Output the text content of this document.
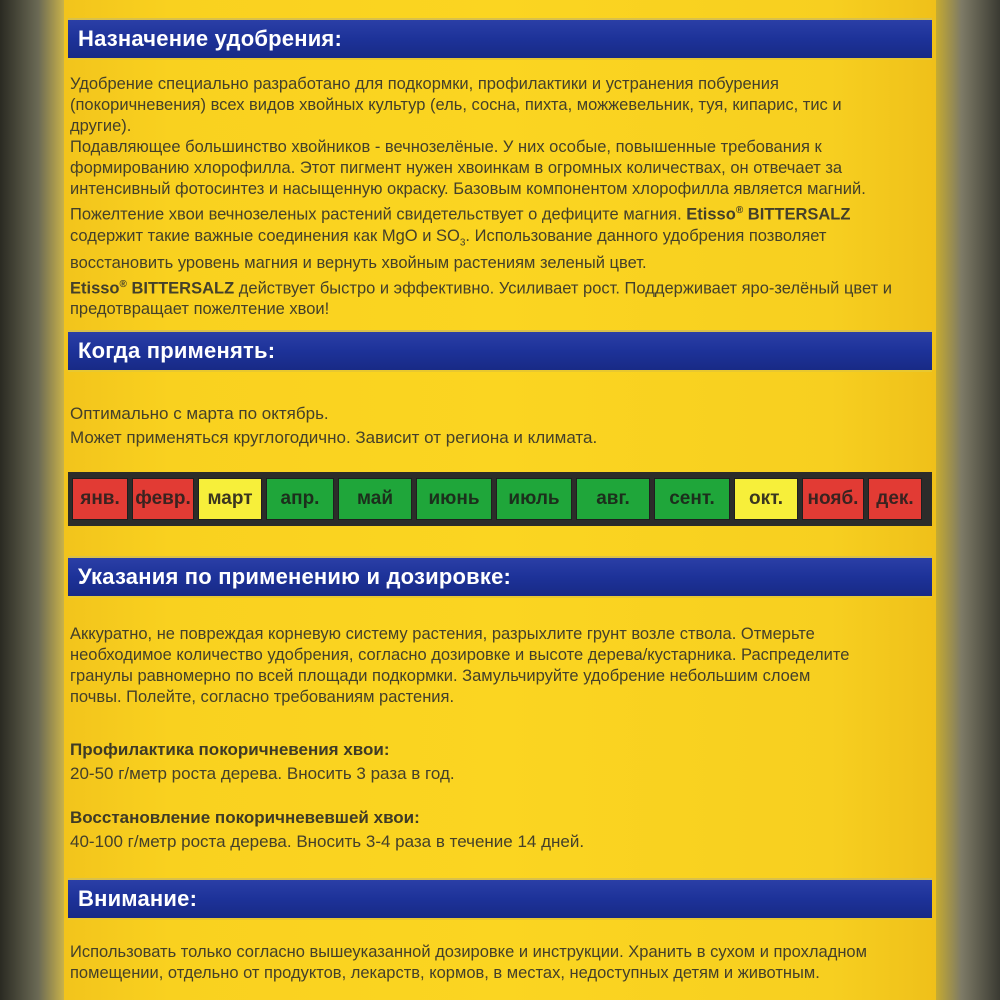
Назначение удобрения:
Удобрение специально разработано для подкормки, профилактики и устранения побурения
(покоричневения) всех видов хвойных культур (ель, сосна, пихта, можжевельник, туя, кипарис, тис и
другие).
Подавляющее большинство хвойников - вечнозелёные. У них особые, повышенные требования к
формированию хлорофилла. Этот пигмент нужен хвоинкам в огромных количествах, он отвечает за
интенсивный фотосинтез и насыщенную окраску. Базовым компонентом хлорофилла является магний.
Пожелтение хвои вечнозеленых растений свидетельствует о дефиците магния. Etisso® BITTERSALZ
содержит такие важные соединения как MgO и $SO_3$. Использование данного удобрения позволяет
восстановить уровень магния и вернуть хвойным растениям зеленый цвет.
Etisso® BITTERSALZ действует быстро и эффективно. Усиливает рост. Поддерживает яро-зелёный цвет и
предотвращает пожелтение хвои!
Когда применять:
Оптимально с марта по октябрь.
Может применяться круглогодично. Зависит от региона и климата.
янв. февр. март	апр.	май	июнь	июль	авг.	сент.	окт.	нояб. дек.
Указания по применению и дозировке:
Аккуратно, не повреждая корневую систему растения, разрыхлите грунт возле ствола. Отмерьте
необходимое количество удобрения, согласно дозировке и высоте дерева/кустарника. Распределите
гранулы равномерно по всей площади подкормки. Замульчируйте удобрение небольшим слоем
почвы. Полейте, согласно требованиям растения.
Профилактика покоричневения хвои:
20-50 г/метр роста дерева. Вносить 3 раза в год.
Восстановление покоричневевшей хвои:
40-100 г/метр роста дерева. Вносить 3-4 раза в течение 14 дней.
Внимание:
Использовать только согласно вышеуказанной дозировке и инструкции. Хранить в сухом и прохладном
помещении, отдельно от продуктов, лекарств, кормов, в местах, недоступных детям и животным.
